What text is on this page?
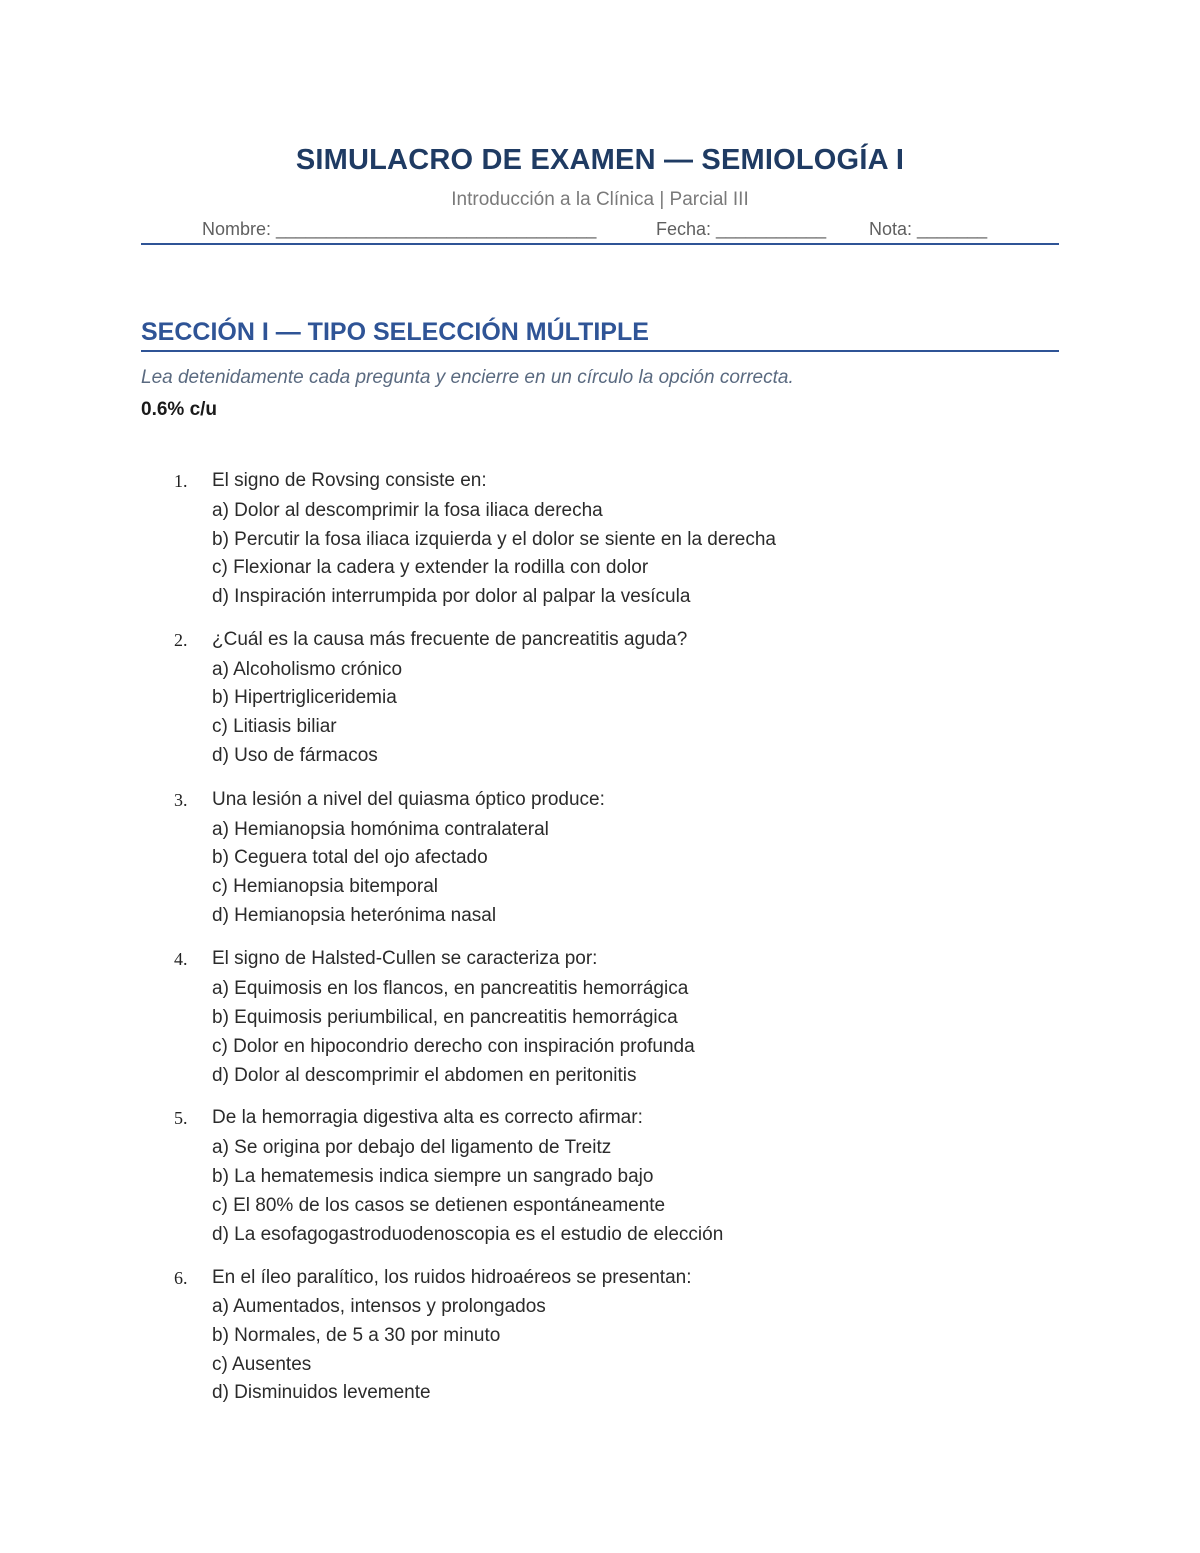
SIMULACRO DE EXAMEN — SEMIOLOGÍA I
Introducción a la Clínica | Parcial III
Nombre: ________________________________	Fecha: ___________ Nota: _______
SECCIÓN I — TIPO SELECCIÓN MÚLTIPLE
Lea detenidamente cada pregunta y encierre en un círculo la opción correcta.
0.6% c/u
1. El signo de Rovsing consiste en:
a) Dolor al descomprimir la fosa iliaca derecha
b) Percutir la fosa iliaca izquierda y el dolor se siente en la derecha
c) Flexionar la cadera y extender la rodilla con dolor
d) Inspiración interrumpida por dolor al palpar la vesícula
2. ¿Cuál es la causa más frecuente de pancreatitis aguda?
a) Alcoholismo crónico
b) Hipertrigliceridemia
c) Litiasis biliar
d) Uso de fármacos
3. Una lesión a nivel del quiasma óptico produce:
a) Hemianopsia homónima contralateral
b) Ceguera total del ojo afectado
c) Hemianopsia bitemporal
d) Hemianopsia heterónima nasal
4. El signo de Halsted-Cullen se caracteriza por:
a) Equimosis en los flancos, en pancreatitis hemorrágica
b) Equimosis periumbilical, en pancreatitis hemorrágica
c) Dolor en hipocondrio derecho con inspiración profunda
d) Dolor al descomprimir el abdomen en peritonitis
5. De la hemorragia digestiva alta es correcto afirmar:
a) Se origina por debajo del ligamento de Treitz
b) La hematemesis indica siempre un sangrado bajo
c) El 80% de los casos se detienen espontáneamente
d) La esofagogastroduodenoscopia es el estudio de elección
6. En el íleo paralítico, los ruidos hidroaéreos se presentan:
a) Aumentados, intensos y prolongados
b) Normales, de 5 a 30 por minuto
c) Ausentes
d) Disminuidos levemente
